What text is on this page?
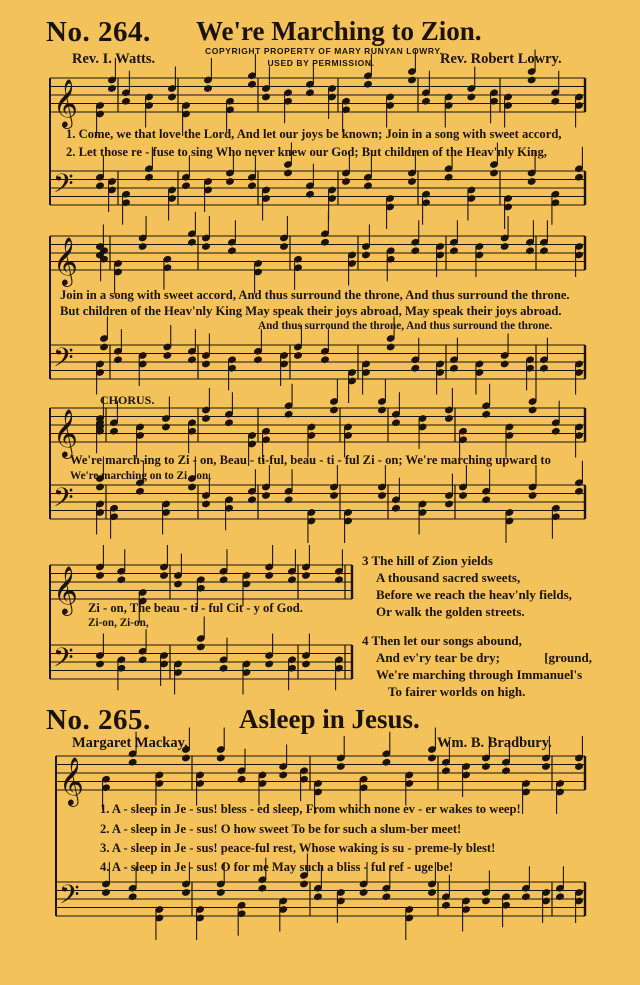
No. 264. We're Marching to Zion.
Rev. I. Watts.	COPYRIGHT PROPERTY OF MARY RUNYAN LOWRY.
USED BY PERMISSION.	Rev. Robert Lowry.
𝄞
𝄢
𝄞
𝄢
𝄞
𝄢
𝄞
𝄢
𝄞
𝄢
1. Come, we that love the Lord, And let our joys be known; Join in a song with sweet accord,
2. Let those re - fuse to sing Who never knew our God; But children of the Heav'nly King,
Join in a song with sweet accord, And thus surround the throne, And thus surround the throne.
But children of the Heav'nly King May speak their joys abroad, May speak their joys abroad.
And thus surround the throne, And thus surround the throne.
CHORUS.
We're march-ing to Zi - on, Beau - ti-ful, beau - ti - ful Zi - on; We're marching upward to
We're marching on to Zi - on,
Zi - on, The beau - ti - ful Cit - y of God.
Zi-on, Zi-on,
3 The hill of Zion yields
A thousand sacred sweets,
Before we reach the heav'nly fields,
Or walk the golden streets.
4 Then let our songs abound,
And ev'ry tear be dry;	[ground,
We're marching through Immanuel's
To fairer worlds on high.
No. 265.	Asleep in Jesus.
Margaret Mackay.	Wm. B. Bradbury.
1. A - sleep in Je - sus! bless - ed sleep, From which none ev - er wakes to weep!
2. A - sleep in Je - sus! O how sweet To be for such a slum-ber meet!
3. A - sleep in Je - sus! peace-ful rest, Whose waking is su - preme-ly blest!
4. A - sleep in Je - sus! O for me May such a bliss - ful ref - uge be!
